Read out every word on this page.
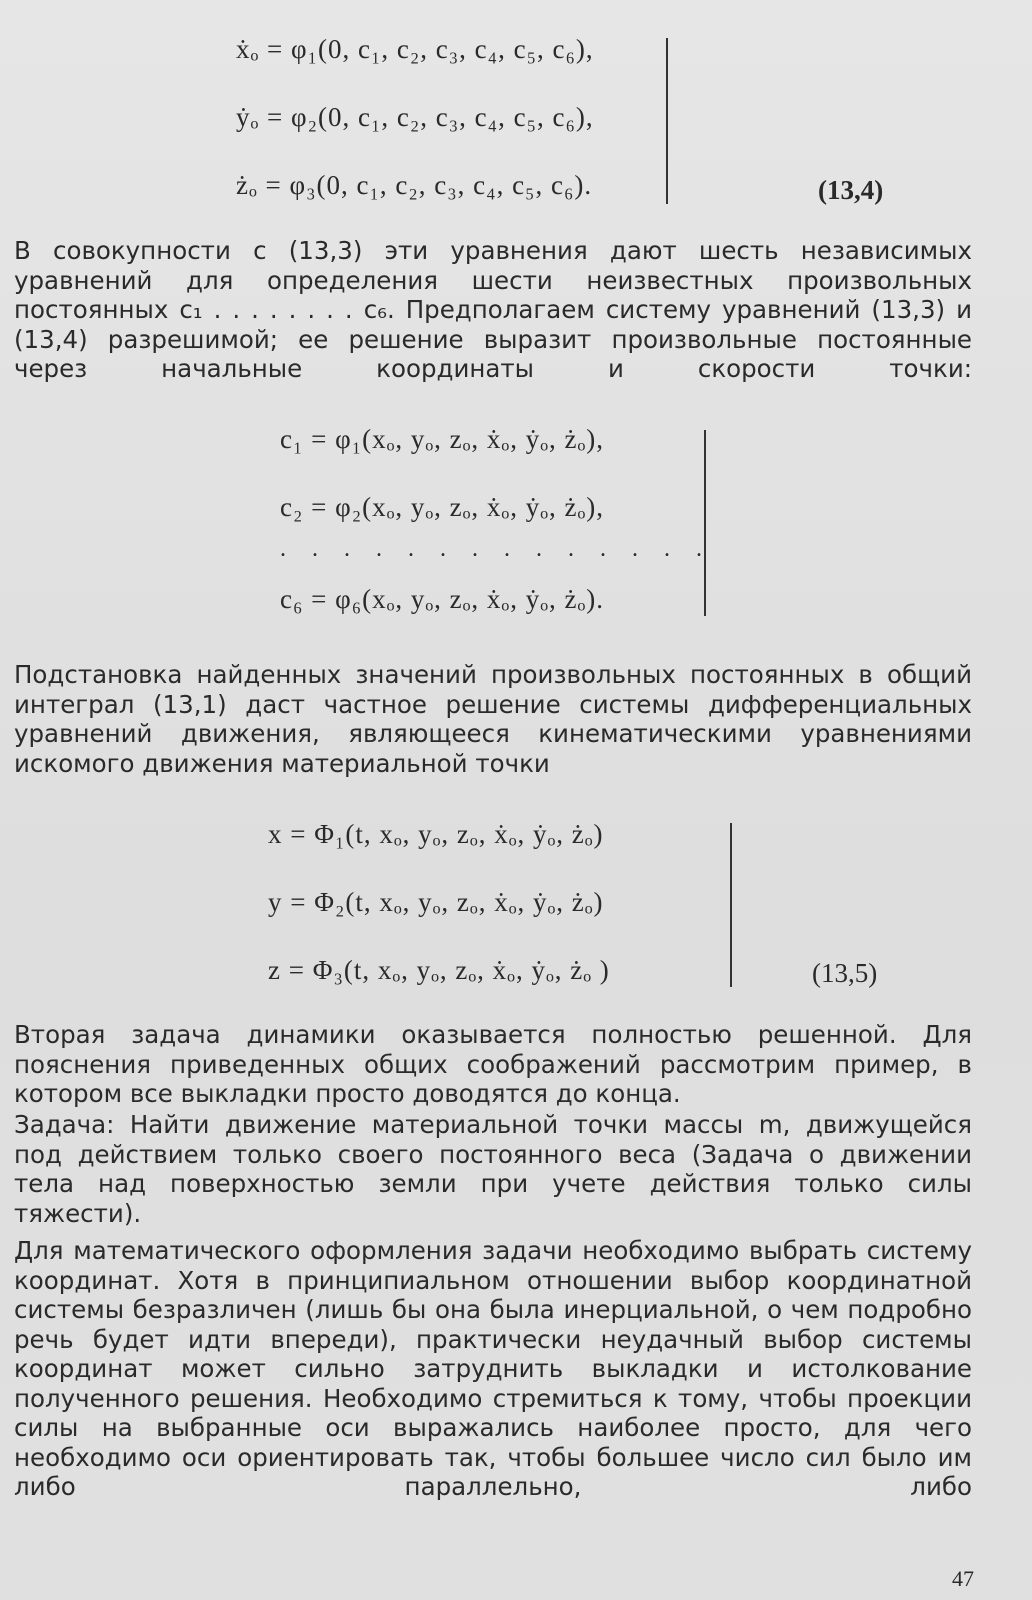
ẋₒ = φ₁(0, c₁, c₂, c₃, c₄, c₅, c₆),
ẏₒ = φ₂(0, c₁, c₂, c₃, c₄, c₅, c₆),
żₒ = φ₃(0, c₁, c₂, c₃, c₄, c₅, c₆).	(13,4)

В совокупности с (13,3) эти уравнения дают шесть независимых уравнений для определения шести неизвестных произвольных постоянных c₁ . . . . . . . . c₆. Предполагаем систему уравнений (13,3) и (13,4) разрешимой; ее решение выразит произвольные постоянные через начальные координаты и скорости точки:

c₁ = φ₁(xₒ, yₒ, zₒ, ẋₒ, ẏₒ, żₒ),
c₂ = φ₂(xₒ, yₒ, zₒ, ẋₒ, ẏₒ, żₒ),
. . . . . . . . . . . . . .
c₆ = φ₆(xₒ, yₒ, zₒ, ẋₒ, ẏₒ, żₒ).

Подстановка найденных значений произвольных постоянных в общий интеграл (13,1) даст частное решение системы дифференциальных уравнений движения, являющееся кинематическими уравнениями искомого движения материальной точки

x = Φ₁(t, xₒ, yₒ, zₒ, ẋₒ, ẏₒ, żₒ)
y = Φ₂(t, xₒ, yₒ, zₒ, ẋₒ, ẏₒ, żₒ)
z = Φ₃(t, xₒ, yₒ, zₒ, ẋₒ, ẏₒ, żₒ )	(13,5)

Вторая задача динамики оказывается полностью решенной. Для пояснения приведенных общих соображений рассмотрим пример, в котором все выкладки просто доводятся до конца.

Задача: Найти движение материальной точки массы m, движущейся под действием только своего постоянного веса (Задача о движении тела над поверхностью земли при учете действия только силы тяжести).

Для математического оформления задачи необходимо выбрать систему координат. Хотя в принципиальном отношении выбор координатной системы безразличен (лишь бы она была инерциальной, о чем подробно речь будет идти впереди), практически неудачный выбор системы координат может сильно затруднить выкладки и истолкование полученного решения. Необходимо стремиться к тому, чтобы проекции силы на выбранные оси выражались наиболее просто, для чего необходимо оси ориентировать так, чтобы большее число сил было им либо параллельно, либо

47
